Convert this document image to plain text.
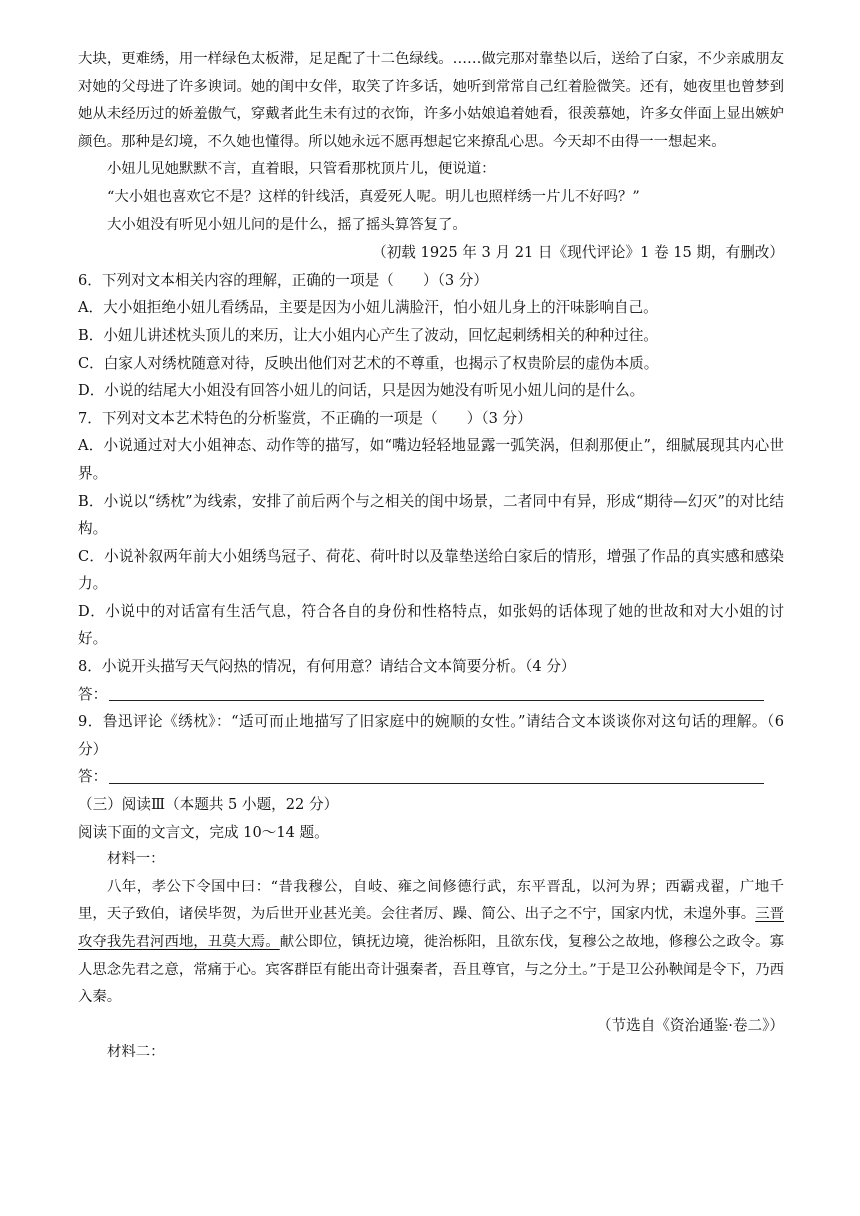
大块，更难绣，用一样绿色太板滞，足足配了十二色绿线。……做完那对靠垫以后，送给了白家，不少亲戚朋友对她的父母进了许多谀词。她的闺中女伴，取笑了许多话，她听到常常自己红着脸微笑。还有，她夜里也曾梦到她从未经历过的娇羞傲气，穿戴者此生未有过的衣饰，许多小姑娘追着她看，很羡慕她，许多女伴面上显出嫉妒颜色。那种是幻境，不久她也懂得。所以她永远不愿再想起它来撩乱心思。今天却不由得一一想起来。

小妞儿见她默默不言，直着眼，只管看那枕顶片儿，便说道：

“大小姐也喜欢它不是？这样的针线活，真爱死人呢。明儿也照样绣一片儿不好吗？”

大小姐没有听见小妞儿问的是什么，摇了摇头算答复了。

（初载 1925 年 3 月 21 日《现代评论》1 卷 15 期，有删改）

6．下列对文本相关内容的理解，正确的一项是（　　）（3 分）

A．大小姐拒绝小妞儿看绣品，主要是因为小妞儿满脸汗，怕小妞儿身上的汗味影响自己。

B．小妞儿讲述枕头顶儿的来历，让大小姐内心产生了波动，回忆起刺绣相关的种种过往。

C．白家人对绣枕随意对待，反映出他们对艺术的不尊重，也揭示了权贵阶层的虚伪本质。

D．小说的结尾大小姐没有回答小妞儿的问话，只是因为她没有听见小妞儿问的是什么。

7．下列对文本艺术特色的分析鉴赏，不正确的一项是（　　）（3 分）

A．小说通过对大小姐神态、动作等的描写，如“嘴边轻轻地显露一弧笑涡，但刹那便止”，细腻展现其内心世界。

B．小说以“绣枕”为线索，安排了前后两个与之相关的闺中场景，二者同中有异，形成“期待—幻灭”的对比结构。

C．小说补叙两年前大小姐绣鸟冠子、荷花、荷叶时以及靠垫送给白家后的情形，增强了作品的真实感和感染力。

D．小说中的对话富有生活气息，符合各自的身份和性格特点，如张妈的话体现了她的世故和对大小姐的讨好。

8．小说开头描写天气闷热的情况，有何用意？请结合文本简要分析。（4 分）

答：

9．鲁迅评论《绣枕》：“适可而止地描写了旧家庭中的婉顺的女性。”请结合文本谈谈你对这句话的理解。（6 分）

答：

（三）阅读Ⅲ（本题共 5 小题，22 分）

阅读下面的文言文，完成 10～14 题。

材料一：

八年，孝公下令国中曰：“昔我穆公，自岐、雍之间修德行武，东平晋乱，以河为界；西霸戎翟，广地千里，天子致伯，诸侯毕贺，为后世开业甚光美。会往者厉、躁、简公、出子之不宁，国家内忧，未遑外事。三晋攻夺我先君河西地，丑莫大焉。献公即位，镇抚边境，徙治栎阳，且欲东伐，复穆公之故地，修穆公之政令。寡人思念先君之意，常痛于心。宾客群臣有能出奇计强秦者，吾且尊官，与之分土。”于是卫公孙鞅闻是令下，乃西入秦。

（节选自《资治通鉴·卷二》）

材料二：
